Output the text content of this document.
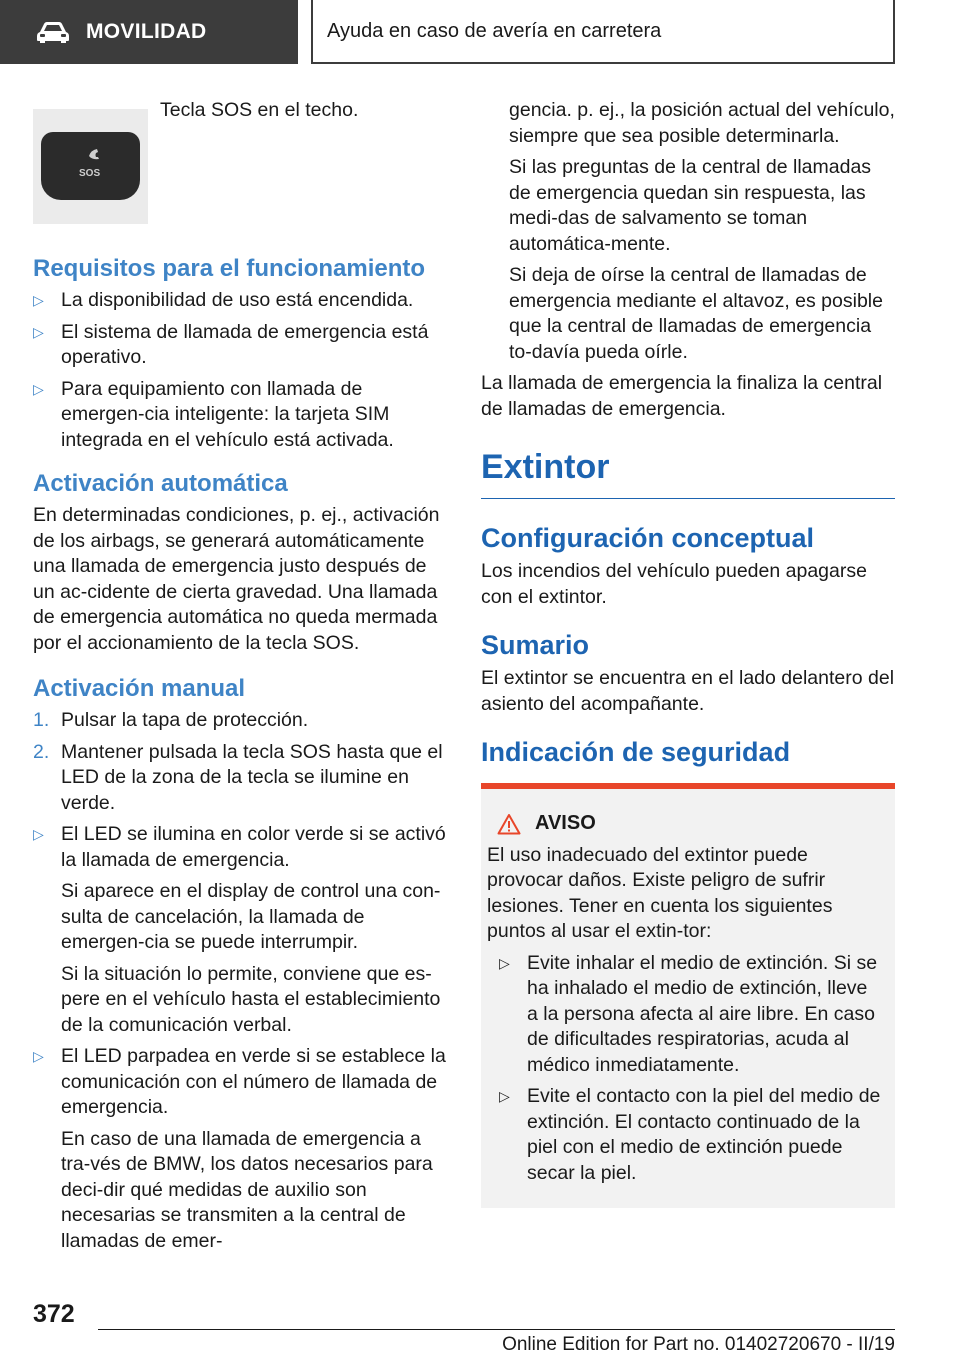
MOVILIDAD	Ayuda en caso de avería en carretera
SOS

Tecla SOS en el techo.

Requisitos para el funcionamiento
▷ La disponibilidad de uso está encendida.
▷ El sistema de llamada de emergencia está operativo.
▷ Para equipamiento con llamada de emergen-cia inteligente: la tarjeta SIM integrada en el vehículo está activada.
Activación automática

En determinadas condiciones, p. ej., activación de los airbags, se generará automáticamente una llamada de emergencia justo después de un ac-cidente de cierta gravedad. Una llamada de emergencia automática no queda mermada por el accionamiento de la tecla SOS.

Activación manual
1. Pulsar la tapa de protección.
2. Mantener pulsada la tecla SOS hasta que el LED de la zona de la tecla se ilumine en verde.
▷ El LED se ilumina en color verde si se activó la llamada de emergencia.

Si aparece en el display de control una con-sulta de cancelación, la llamada de emergen-cia se puede interrumpir.

Si la situación lo permite, conviene que es-pere en el vehículo hasta el establecimiento de la comunicación verbal.

▷ El LED parpadea en verde si se establece la comunicación con el número de llamada de emergencia.

En caso de una llamada de emergencia a tra-vés de BMW, los datos necesarios para deci-dir qué medidas de auxilio son necesarias se transmiten a la central de llamadas de emer-

gencia. p. ej., la posición actual del vehículo, siempre que sea posible determinarla.

Si las preguntas de la central de llamadas de emergencia quedan sin respuesta, las medi-das de salvamento se toman automática-mente.

Si deja de oírse la central de llamadas de emergencia mediante el altavoz, es posible que la central de llamadas de emergencia to-davía pueda oírle.

La llamada de emergencia la finaliza la central de llamadas de emergencia.

Extintor
Configuración conceptual

Los incendios del vehículo pueden apagarse con el extintor.

Sumario

El extintor se encuentra en el lado delantero del asiento del acompañante.

Indicación de seguridad
AVISO

El uso inadecuado del extintor puede provocar daños. Existe peligro de sufrir lesiones. Tener en cuenta los siguientes puntos al usar el extin-tor:

▷ Evite inhalar el medio de extinción. Si se ha inhalado el medio de extinción, lleve a la persona afecta al aire libre. En caso de dificultades respiratorias, acuda al médico inmediatamente.
▷ Evite el contacto con la piel del medio de extinción. El contacto continuado de la piel con el medio de extinción puede secar la piel.
372
Online Edition for Part no. 01402720670 - II/19
